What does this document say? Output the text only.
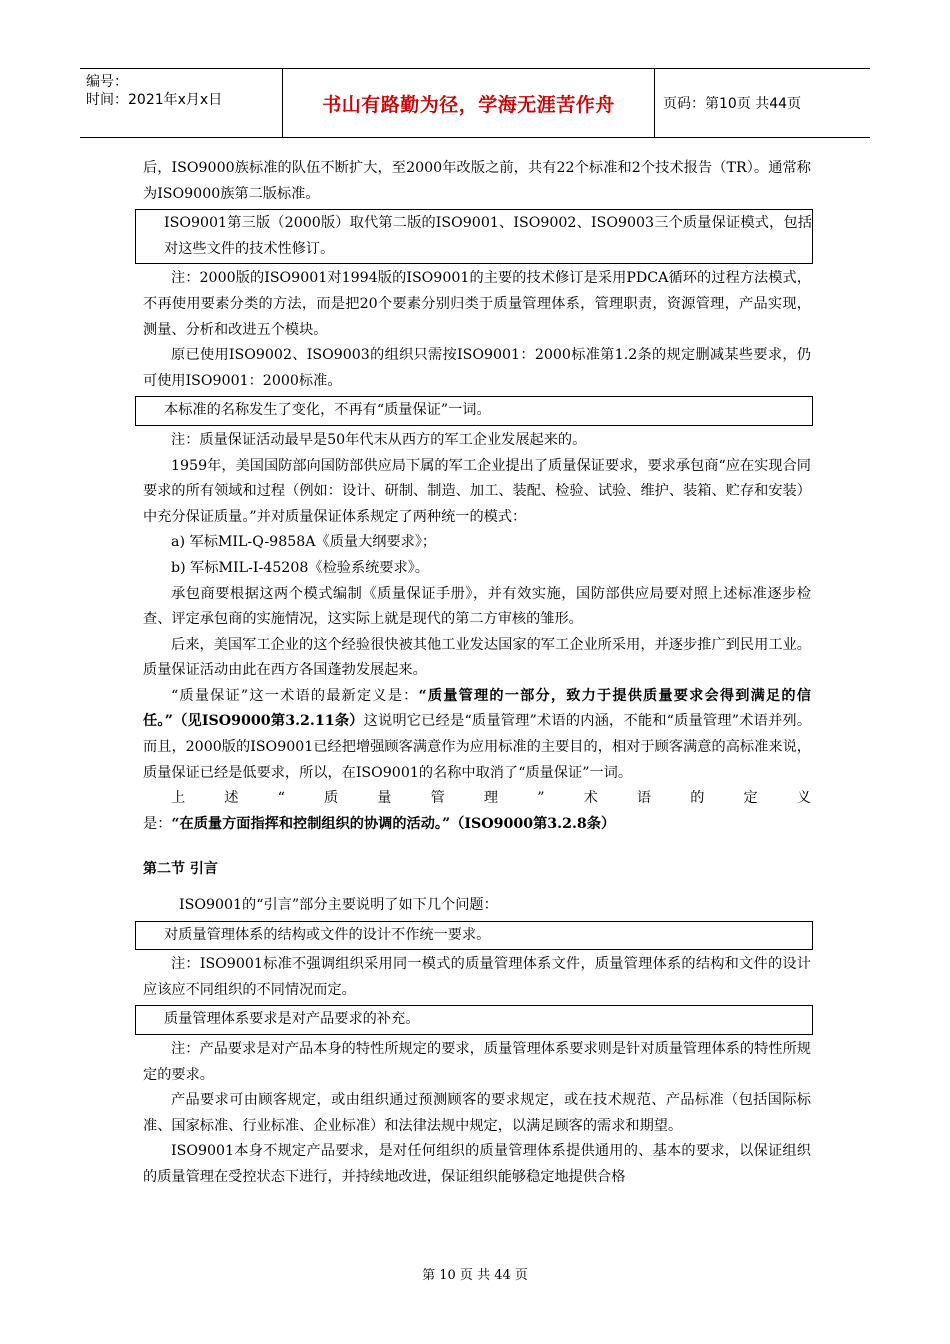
编号：
时间：2021年x月x日	书山有路勤为径，学海无涯苦作舟	页码：第10页 共44页

后，ISO9000族标准的队伍不断扩大，至2000年改版之前，共有22个标准和2个技术报告（TR）。通常称为ISO9000族第二版标准。

ISO9001第三版（2000版）取代第二版的ISO9001、ISO9002、ISO9003三个质量保证模式，包括对这些文件的技术性修订。

注：2000版的ISO9001对1994版的ISO9001的主要的技术修订是采用PDCA循环的过程方法模式，不再使用要素分类的方法，而是把20个要素分别归类于质量管理体系，管理职责，资源管理，产品实现，测量、分析和改进五个模块。

原已使用ISO9002、ISO9003的组织只需按ISO9001：2000标准第1.2条的规定删减某些要求，仍可使用ISO9001：2000标准。

本标准的名称发生了变化，不再有“质量保证”一词。

注：质量保证活动最早是50年代末从西方的军工企业发展起来的。

1959年，美国国防部向国防部供应局下属的军工企业提出了质量保证要求，要求承包商“应在实现合同要求的所有领域和过程（例如：设计、研制、制造、加工、装配、检验、试验、维护、装箱、贮存和安装）中充分保证质量。”并对质量保证体系规定了两种统一的模式：

a) 军标MIL-Q-9858A《质量大纲要求》；

b) 军标MIL-I-45208《检验系统要求》。

承包商要根据这两个模式编制《质量保证手册》，并有效实施，国防部供应局要对照上述标准逐步检查、评定承包商的实施情况，这实际上就是现代的第二方审核的雏形。

后来，美国军工企业的这个经验很快被其他工业发达国家的军工企业所采用，并逐步推广到民用工业。质量保证活动由此在西方各国蓬勃发展起来。

“质量保证”这一术语的最新定义是：“质量管理的一部分，致力于提供质量要求会得到满足的信任。”（见ISO9000第3.2.11条）这说明它已经是“质量管理”术语的内涵，不能和“质量管理”术语并列。而且，2000版的ISO9001已经把增强顾客满意作为应用标准的主要目的，相对于顾客满意的高标准来说，质量保证已经是低要求，所以，在ISO9001的名称中取消了“质量保证”一词。

上述“质量管理”术语的定义是：“在质量方面指挥和控制组织的协调的活动。”（ISO9000第3.2.8条）

第二节 引言

ISO9001的“引言”部分主要说明了如下几个问题：

对质量管理体系的结构或文件的设计不作统一要求。

注：ISO9001标准不强调组织采用同一模式的质量管理体系文件，质量管理体系的结构和文件的设计应该应不同组织的不同情况而定。

质量管理体系要求是对产品要求的补充。

注：产品要求是对产品本身的特性所规定的要求，质量管理体系要求则是针对质量管理体系的特性所规定的要求。

产品要求可由顾客规定，或由组织通过预测顾客的要求规定，或在技术规范、产品标准（包括国际标准、国家标准、行业标准、企业标准）和法律法规中规定，以满足顾客的需求和期望。

ISO9001本身不规定产品要求，是对任何组织的质量管理体系提供通用的、基本的要求，以保证组织的质量管理在受控状态下进行，并持续地改进，保证组织能够稳定地提供合格

第 10 页 共 44 页
